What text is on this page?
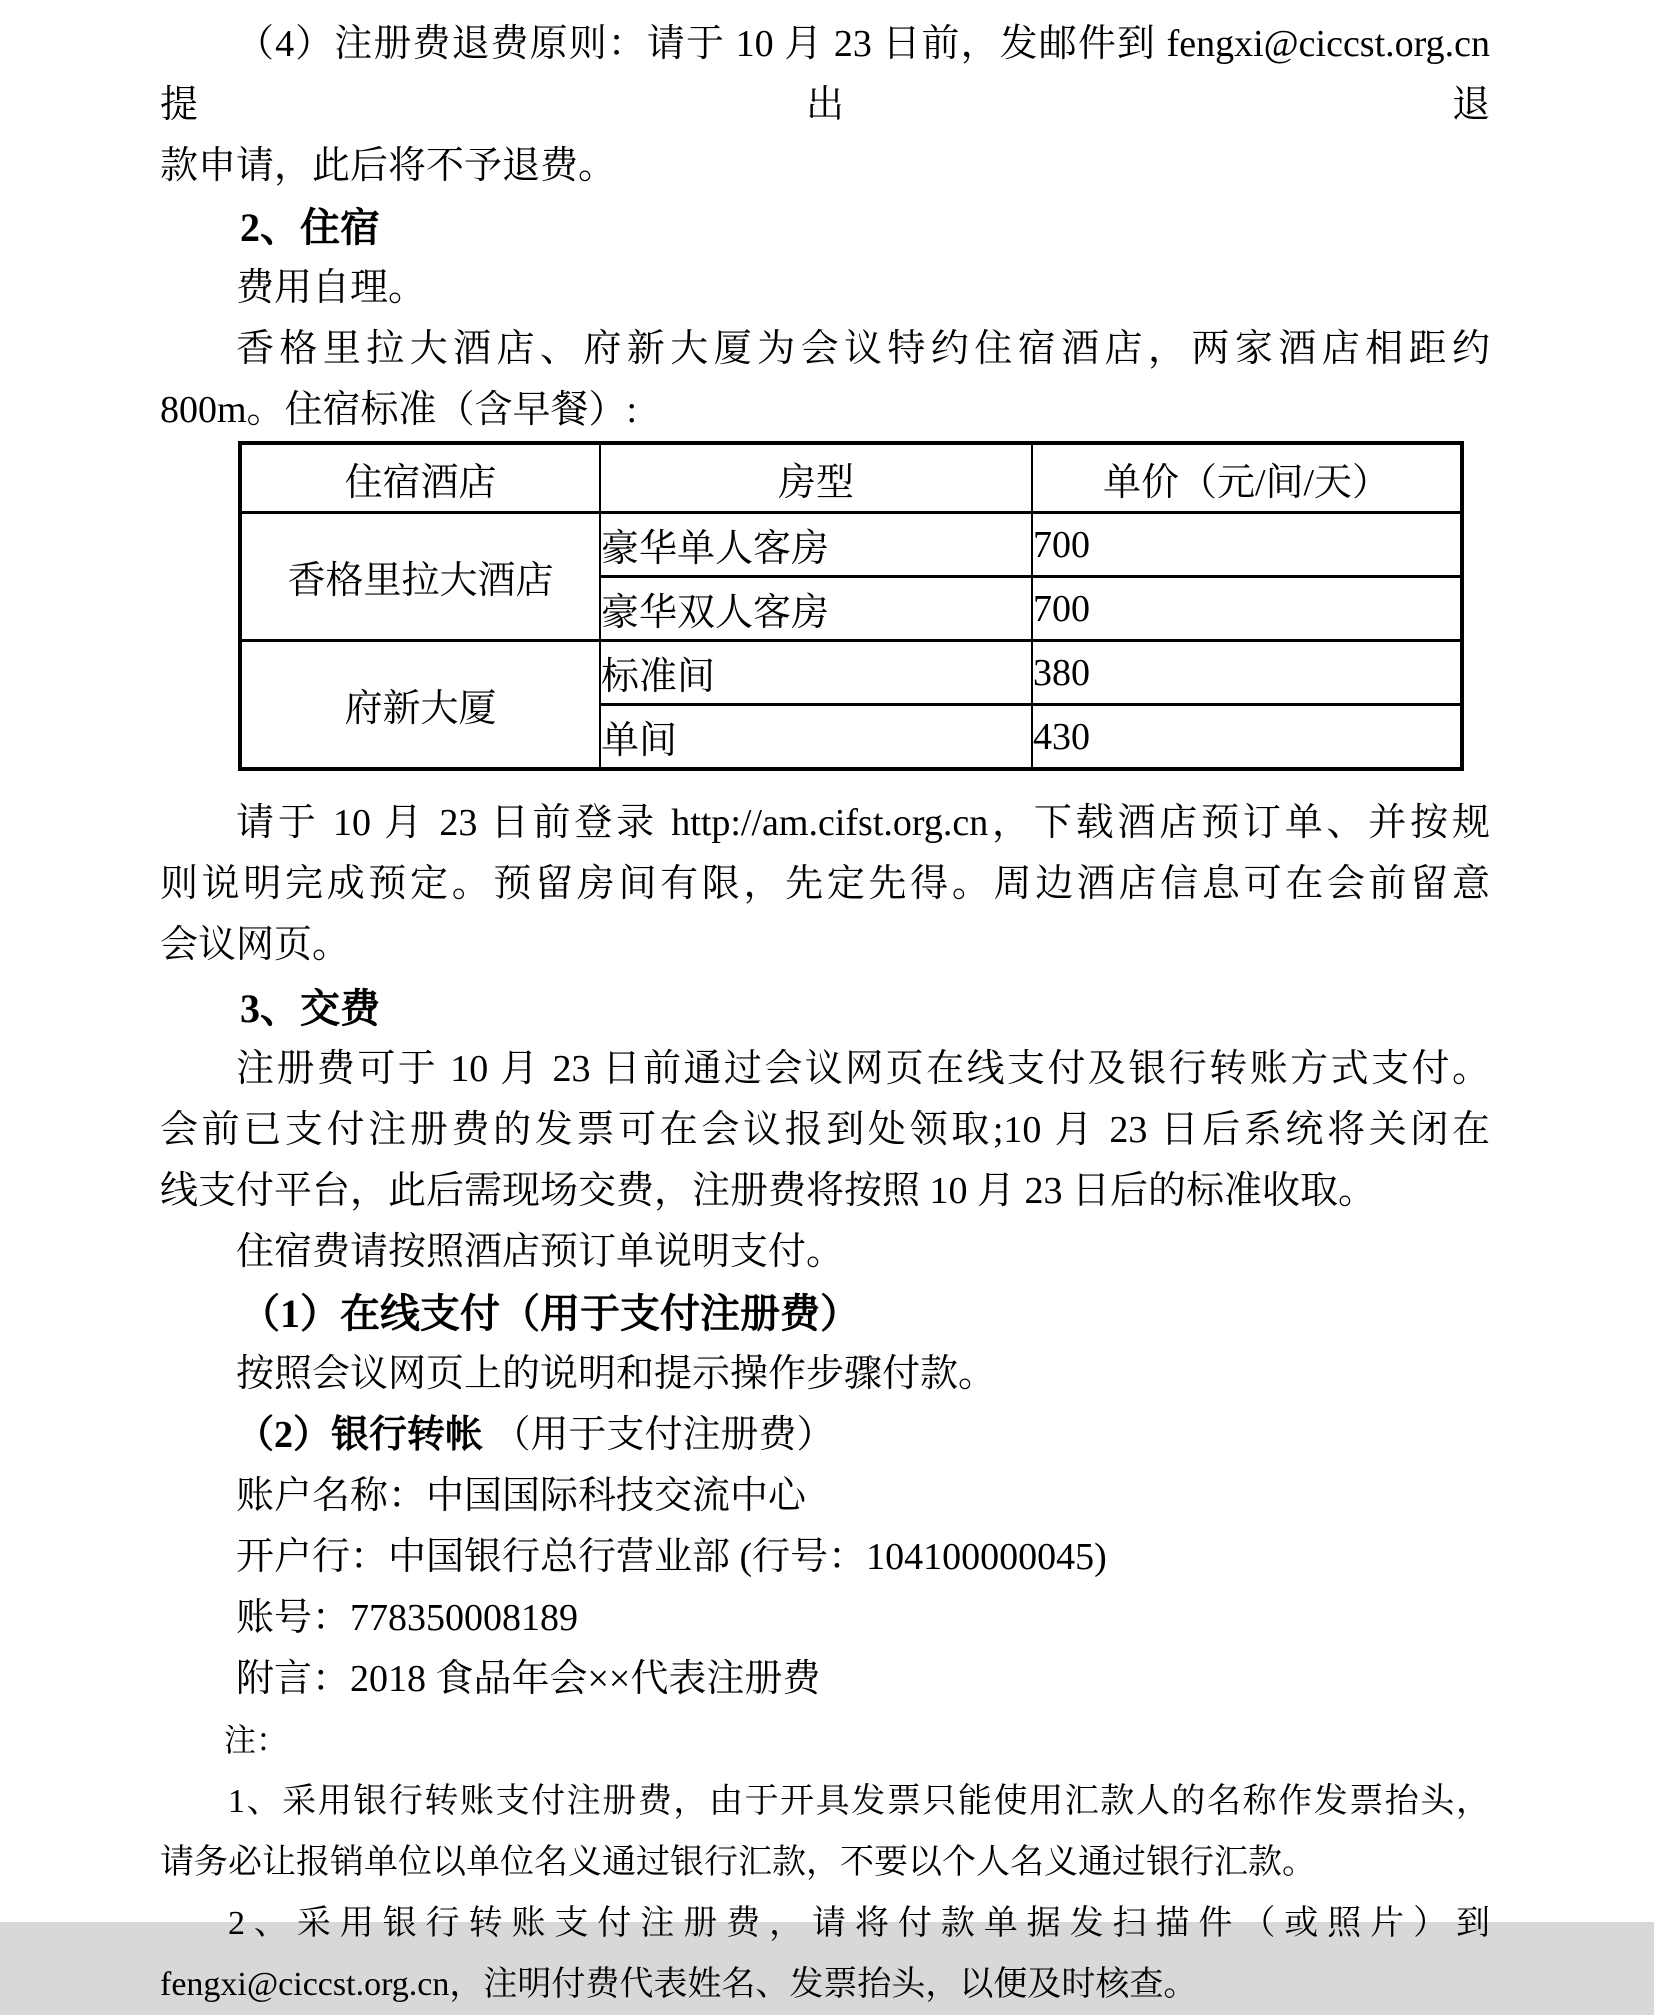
（4）注册费退费原则：请于 10 月 23 日前，发邮件到 fengxi@ciccst.org.cn 提出退
款申请，此后将不予退费。
2、住宿
费用自理。
香格里拉大酒店、府新大厦为会议特约住宿酒店，两家酒店相距约
800m。住宿标准（含早餐）:
住宿酒店	房型	单价（元/间/天）
香格里拉大酒店	豪华单人客房	700
	豪华双人客房	700
府新大厦	标准间	380
	单间	430
请于 10 月 23 日前登录 http://am.cifst.org.cn，下载酒店预订单、并按规
则说明完成预定。预留房间有限，先定先得。周边酒店信息可在会前留意
会议网页。
3、交费
注册费可于 10 月 23 日前通过会议网页在线支付及银行转账方式支付。
会前已支付注册费的发票可在会议报到处领取;10 月 23 日后系统将关闭在
线支付平台，此后需现场交费，注册费将按照 10 月 23 日后的标准收取。
住宿费请按照酒店预订单说明支付。
（1）在线支付（用于支付注册费）
按照会议网页上的说明和提示操作步骤付款。
（2）银行转帐 （用于支付注册费）
账户名称：中国国际科技交流中心
开户行：中国银行总行营业部 (行号：104100000045)
账号：778350008189
附言：2018 食品年会××代表注册费
注：
1、采用银行转账支付注册费，由于开具发票只能使用汇款人的名称作发票抬头，
请务必让报销单位以单位名义通过银行汇款，不要以个人名义通过银行汇款。
2、采用银行转账支付注册费，请将付款单据发扫描件（或照片）到
fengxi@ciccst.org.cn，注明付费代表姓名、发票抬头，以便及时核查。
